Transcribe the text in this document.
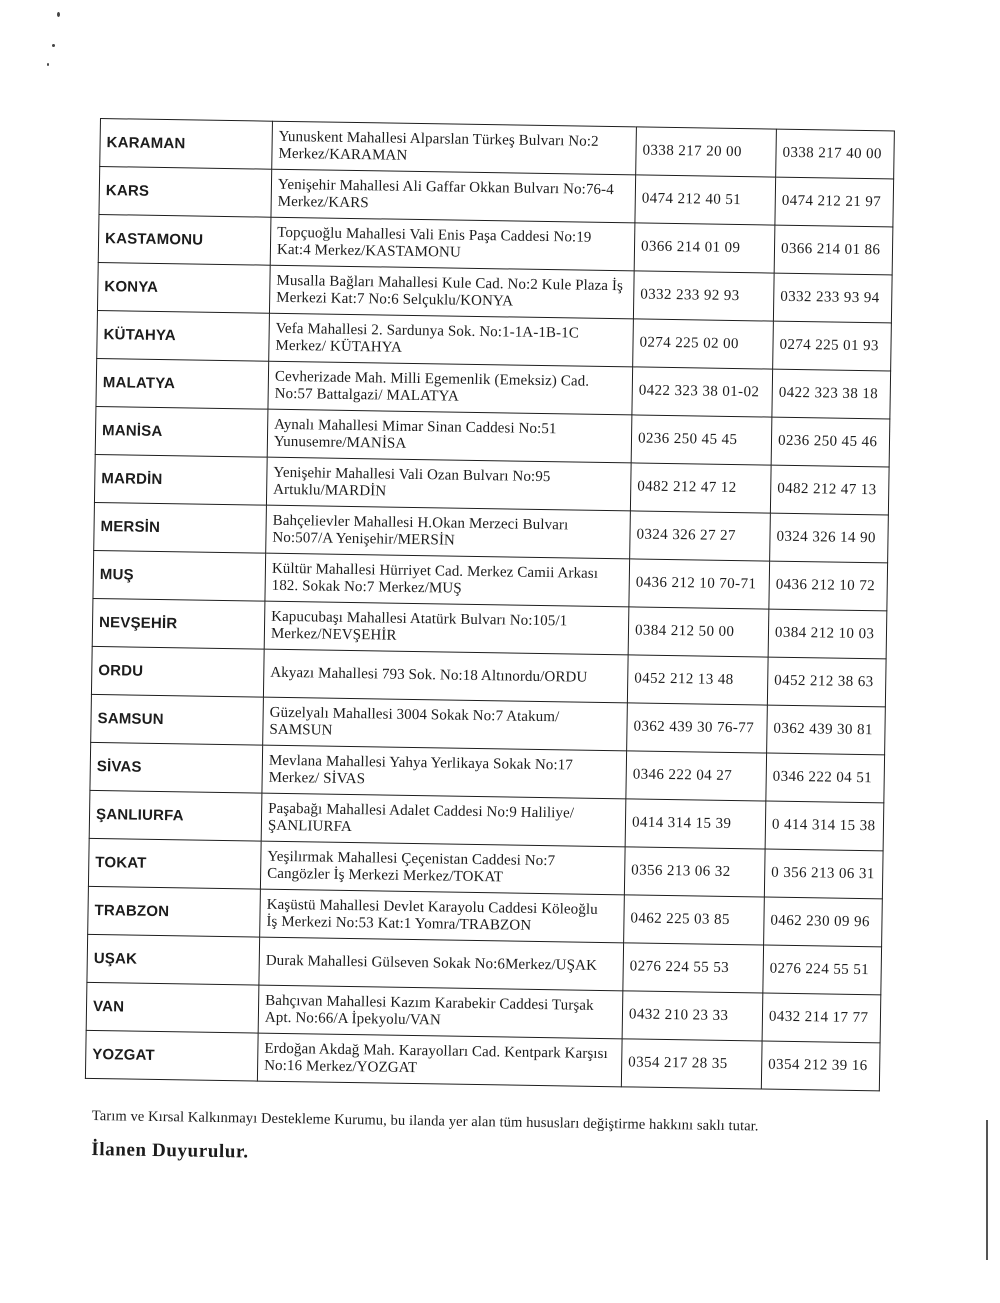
KARAMAN	Yunuskent Mahallesi Alparslan Türkeş Bulvarı No:2
Merkez/KARAMAN	0338 217 20 00	0338 217 40 00

KARS	Yenişehir Mahallesi Ali Gaffar Okkan Bulvarı No:76-4
Merkez/KARS	0474 212 40 51	0474 212 21 97

KASTAMONU	Topçuoğlu Mahallesi Vali Enis Paşa Caddesi No:19
Kat:4 Merkez/KASTAMONU	0366 214 01 09	0366 214 01 86

KONYA	Musalla Bağları Mahallesi Kule Cad. No:2 Kule Plaza İş
Merkezi Kat:7 No:6 Selçuklu/KONYA	0332 233 92 93	0332 233 93 94

KÜTAHYA	Vefa Mahallesi 2. Sardunya Sok. No:1-1A-1B-1C
Merkez/ KÜTAHYA	0274 225 02 00	0274 225 01 93

MALATYA	Cevherizade Mah. Milli Egemenlik (Emeksiz) Cad.
No:57 Battalgazi/ MALATYA	0422 323 38 01-02	0422 323 38 18

MANİSA	Aynalı Mahallesi Mimar Sinan Caddesi No:51
Yunusemre/MANİSA	0236 250 45 45	0236 250 45 46

MARDİN	Yenişehir Mahallesi Vali Ozan Bulvarı No:95
Artuklu/MARDİN	0482 212 47 12	0482 212 47 13

MERSİN	Bahçelievler Mahallesi H.Okan Merzeci Bulvarı
No:507/A Yenişehir/MERSİN	0324 326 27 27	0324 326 14 90

MUŞ	Kültür Mahallesi Hürriyet Cad. Merkez Camii Arkası
182. Sokak No:7 Merkez/MUŞ	0436 212 10 70-71	0436 212 10 72

NEVŞEHİR	Kapucubaşı Mahallesi Atatürk Bulvarı No:105/1
Merkez/NEVŞEHİR	0384 212 50 00	0384 212 10 03

ORDU	Akyazı Mahallesi 793 Sok. No:18 Altınordu/ORDU	0452 212 13 48	0452 212 38 63

SAMSUN	Güzelyalı Mahallesi 3004 Sokak No:7 Atakum/
SAMSUN	0362 439 30 76-77	0362 439 30 81

SİVAS	Mevlana Mahallesi Yahya Yerlikaya Sokak No:17
Merkez/ SİVAS	0346 222 04 27	0346 222 04 51

ŞANLIURFA	Paşabağı Mahallesi Adalet Caddesi No:9 Haliliye/
ŞANLIURFA	0414 314 15 39	0 414 314 15 38

TOKAT	Yeşilırmak Mahallesi Çeçenistan Caddesi No:7
Cangözler İş Merkezi Merkez/TOKAT	0356 213 06 32	0 356 213 06 31

TRABZON	Kaşüstü Mahallesi Devlet Karayolu Caddesi Köleoğlu
İş Merkezi No:53 Kat:1 Yomra/TRABZON	0462 225 03 85	0462 230 09 96

UŞAK	Durak Mahallesi Gülseven Sokak No:6Merkez/UŞAK	0276 224 55 53	0276 224 55 51

VAN	Bahçıvan Mahallesi Kazım Karabekir Caddesi Turşak
Apt. No:66/A İpekyolu/VAN	0432 210 23 33	0432 214 17 77

YOZGAT	Erdoğan Akdağ Mah. Karayolları Cad. Kentpark Karşısı
No:16 Merkez/YOZGAT	0354 217 28 35	0354 212 39 16

Tarım ve Kırsal Kalkınmayı Destekleme Kurumu, bu ilanda yer alan tüm hususları değiştirme hakkını saklı tutar.

İlanen Duyurulur.
